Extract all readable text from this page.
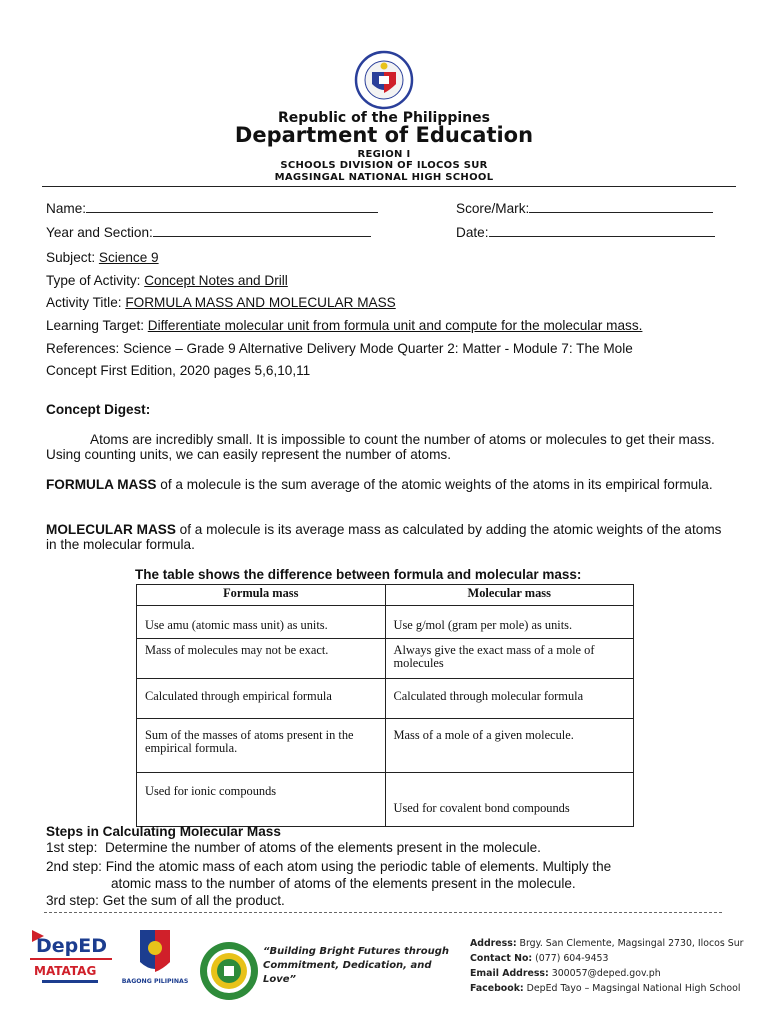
Republic of the Philippines
Department of Education
REGION I
SCHOOLS DIVISION OF ILOCOS SUR
MAGSINGAL NATIONAL HIGH SCHOOL
Name:	Score/Mark:
Year and Section:	Date:
Subject: Science 9
Type of Activity: Concept Notes and Drill
Activity Title: FORMULA MASS AND MOLECULAR MASS
Learning Target: Differentiate molecular unit from formula unit and compute for the molecular mass.
References: Science – Grade 9 Alternative Delivery Mode Quarter 2: Matter - Module 7: The Mole
Concept First Edition, 2020 pages 5,6,10,11
Concept Digest:
Atoms are incredibly small. It is impossible to count the number of atoms or molecules to get their mass. Using counting units, we can easily represent the number of atoms.
FORMULA MASS of a molecule is the sum average of the atomic weights of the atoms in its empirical formula.
MOLECULAR MASS of a molecule is its average mass as calculated by adding the atomic weights of the atoms in the molecular formula.
The table shows the difference between formula and molecular mass:
Formula mass	Molecular mass
Use amu (atomic mass unit) as units.	Use g/mol (gram per mole) as units.
Mass of molecules may not be exact.	Always give the exact mass of a mole of molecules
Calculated through empirical formula	Calculated through molecular formula
Sum of the masses of atoms present in the empirical formula.	Mass of a mole of a given molecule.
Used for ionic compounds	Used for covalent bond compounds
Steps in Calculating Molecular Mass
1st step: Determine the number of atoms of the elements present in the molecule.
2nd step: Find the atomic mass of each atom using the periodic table of elements. Multiply the
atomic mass to the number of atoms of the elements present in the molecule.
3rd step: Get the sum of all the product.
DepED
MATATAG
BAGONG PILIPINAS
“Building Bright Futures through Commitment, Dedication, and Love”
Address: Brgy. San Clemente, Magsingal 2730, Ilocos Sur
Contact No: (077) 604-9453
Email Address: 300057@deped.gov.ph
Facebook: DepEd Tayo – Magsingal National High School
